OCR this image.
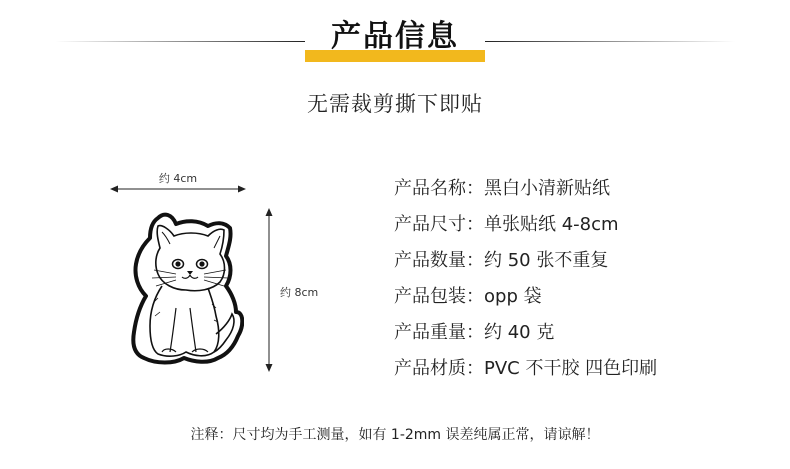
产品信息
无需裁剪撕下即贴
约 4cm
约 8cm
产品名称：黑白小清新贴纸
产品尺寸：单张贴纸 4-8cm
产品数量：约 50 张不重复
产品包装：opp 袋
产品重量：约 40 克
产品材质：PVC 不干胶 四色印刷
注释：尺寸均为手工测量，如有 1-2mm 误差纯属正常，请谅解！
